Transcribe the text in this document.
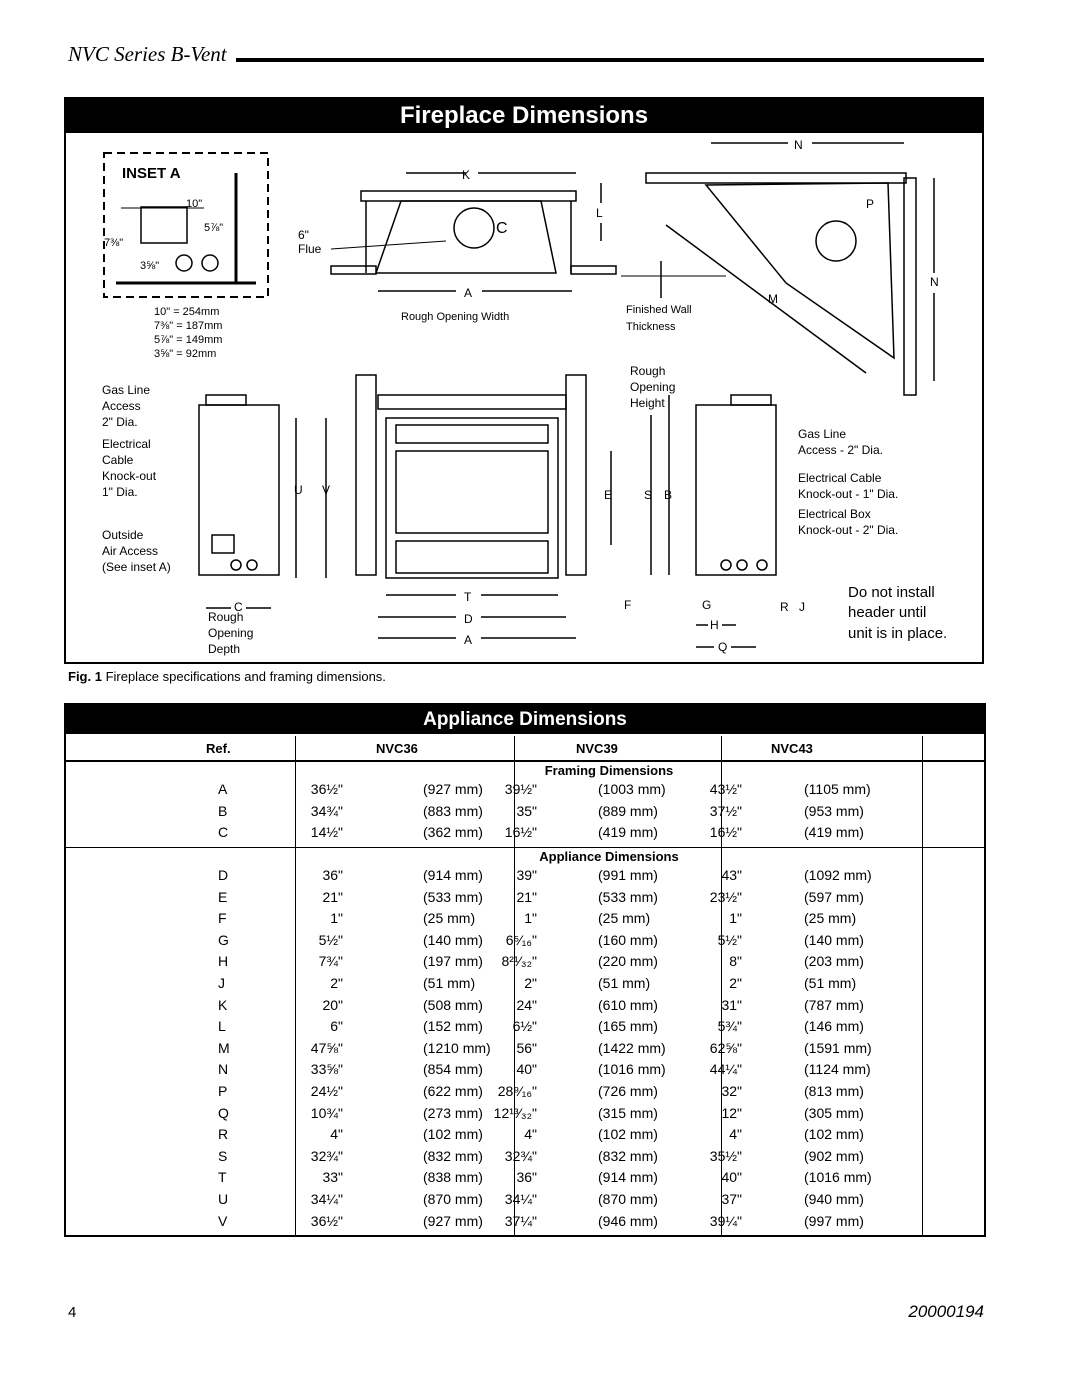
NVC Series B-Vent
Fireplace Dimensions
INSET A
10"
5⅞"
7⅜"
3⅝"
10" = 254mm
7⅜" = 187mm
5⅞" = 149mm
3⅝" = 92mm
K
C
6"
Flue
L
A
Rough Opening Width
Finished Wall
Thickness
N
P
N
M
U V
C
T
D
A
E	S B
F	G	R J
H
Q
Gas Line
Access
2" Dia.
Electrical
Cable
Knock-out
1" Dia.
Outside
Air Access
(See inset A)
Rough
Opening
Depth
Rough
Opening
Height
Gas Line
Access - 2" Dia.
Electrical Cable
Knock-out - 1" Dia.
Electrical Box
Knock-out - 2" Dia.
Do not install
header until
unit is in place.
Fig. 1 Fireplace specifications and framing dimensions.
Appliance Dimensions
Ref.	NVC36	NVC39	NVC43
Framing Dimensions
Appliance Dimensions
A	36½"	(927 mm)	39½"	(1003 mm)	43½"	(1105 mm)
B	34¾"	(883 mm)	35"	(889 mm)	37½"	(953 mm)
C	14½"	(362 mm)	16½"	(419 mm)	16½"	(419 mm)
D	36"	(914 mm)	39"	(991 mm)	43"	(1092 mm)
E	21"	(533 mm)	21"	(533 mm)	23½"	(597 mm)
F	1"	(25 mm)	1"	(25 mm)	1"	(25 mm)
G	5½"	(140 mm)	6⁵⁄₁₆"	(160 mm)	5½"	(140 mm)
H	7¾"	(197 mm)	8²¹⁄₃₂"	(220 mm)	8"	(203 mm)
J	2"	(51 mm)	2"	(51 mm)	2"	(51 mm)
K	20"	(508 mm)	24"	(610 mm)	31"	(787 mm)
L	6"	(152 mm)	6½"	(165 mm)	5¾"	(146 mm)
M	47⅝"	(1210 mm)	56"	(1422 mm)	62⅝"	(1591 mm)
N	33⅝"	(854 mm)	40"	(1016 mm)	44¼"	(1124 mm)
P	24½"	(622 mm)	28⁹⁄₁₆"	(726 mm)	32"	(813 mm)
Q	10¾"	(273 mm) 12¹³⁄₃₂"	(315 mm)	12"	(305 mm)
R	4"	(102 mm)	4"	(102 mm)	4"	(102 mm)
S	32¾"	(832 mm)	32¾"	(832 mm)	35½"	(902 mm)
T	33"	(838 mm)	36"	(914 mm)	40"	(1016 mm)
U	34¼"	(870 mm)	34¼"	(870 mm)	37"	(940 mm)
V	36½"	(927 mm)	37¼"	(946 mm)	39¼"	(997 mm)
4	20000194
